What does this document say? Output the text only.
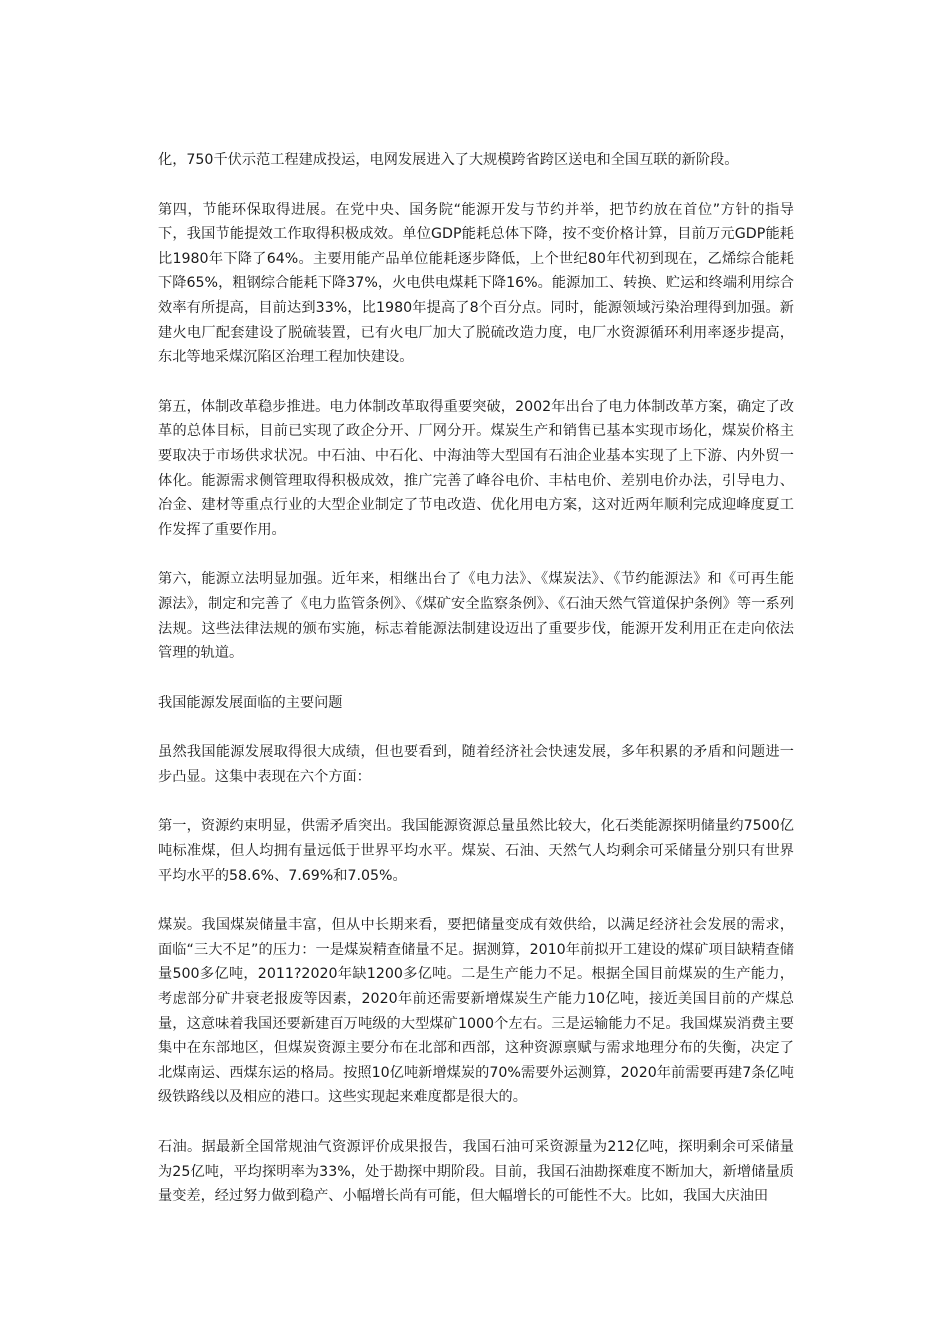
化，750千伏示范工程建成投运，电网发展进入了大规模跨省跨区送电和全国互联的新阶段。

第四，节能环保取得进展。在党中央、国务院“能源开发与节约并举，把节约放在首位”方针的指导下，我国节能提效工作取得积极成效。单位GDP能耗总体下降，按不变价格计算，目前万元GDP能耗比1980年下降了64%。主要用能产品单位能耗逐步降低，上个世纪80年代初到现在，乙烯综合能耗下降65%，粗钢综合能耗下降37%，火电供电煤耗下降16%。能源加工、转换、贮运和终端利用综合效率有所提高，目前达到33%，比1980年提高了8个百分点。同时，能源领域污染治理得到加强。新建火电厂配套建设了脱硫装置，已有火电厂加大了脱硫改造力度，电厂水资源循环利用率逐步提高，东北等地采煤沉陷区治理工程加快建设。

第五，体制改革稳步推进。电力体制改革取得重要突破，2002年出台了电力体制改革方案，确定了改革的总体目标，目前已实现了政企分开、厂网分开。煤炭生产和销售已基本实现市场化，煤炭价格主要取决于市场供求状况。中石油、中石化、中海油等大型国有石油企业基本实现了上下游、内外贸一体化。能源需求侧管理取得积极成效，推广完善了峰谷电价、丰枯电价、差别电价办法，引导电力、冶金、建材等重点行业的大型企业制定了节电改造、优化用电方案，这对近两年顺利完成迎峰度夏工作发挥了重要作用。

第六，能源立法明显加强。近年来，相继出台了《电力法》、《煤炭法》、《节约能源法》和《可再生能源法》，制定和完善了《电力监管条例》、《煤矿安全监察条例》、《石油天然气管道保护条例》等一系列法规。这些法律法规的颁布实施，标志着能源法制建设迈出了重要步伐，能源开发利用正在走向依法管理的轨道。

我国能源发展面临的主要问题

虽然我国能源发展取得很大成绩，但也要看到，随着经济社会快速发展，多年积累的矛盾和问题进一步凸显。这集中表现在六个方面：

第一，资源约束明显，供需矛盾突出。我国能源资源总量虽然比较大，化石类能源探明储量约7500亿吨标准煤，但人均拥有量远低于世界平均水平。煤炭、石油、天然气人均剩余可采储量分别只有世界平均水平的58.6%、7.69%和7.05%。

煤炭。我国煤炭储量丰富，但从中长期来看，要把储量变成有效供给，以满足经济社会发展的需求，面临“三大不足”的压力：一是煤炭精查储量不足。据测算，2010年前拟开工建设的煤矿项目缺精查储量500多亿吨，2011?2020年缺1200多亿吨。二是生产能力不足。根据全国目前煤炭的生产能力，考虑部分矿井衰老报废等因素，2020年前还需要新增煤炭生产能力10亿吨，接近美国目前的产煤总量，这意味着我国还要新建百万吨级的大型煤矿1000个左右。三是运输能力不足。我国煤炭消费主要集中在东部地区，但煤炭资源主要分布在北部和西部，这种资源禀赋与需求地理分布的失衡，决定了北煤南运、西煤东运的格局。按照10亿吨新增煤炭的70%需要外运测算，2020年前需要再建7条亿吨级铁路线以及相应的港口。这些实现起来难度都是很大的。

石油。据最新全国常规油气资源评价成果报告，我国石油可采资源量为212亿吨，探明剩余可采储量为25亿吨，平均探明率为33%，处于勘探中期阶段。目前，我国石油勘探难度不断加大，新增储量质量变差，经过努力做到稳产、小幅增长尚有可能，但大幅增长的可能性不大。比如，我国大庆油田
